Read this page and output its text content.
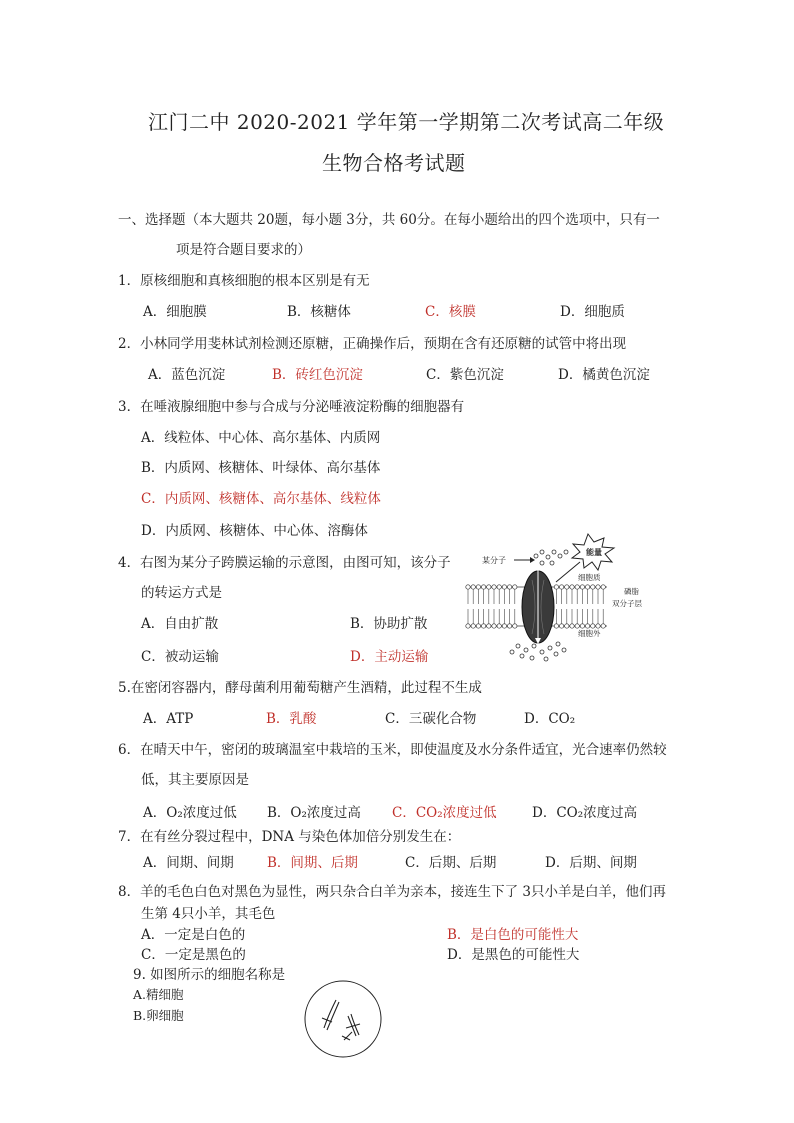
江门二中 2020-2021 学年第一学期第二次考试高二年级
生物合格考试题
一、选择题（本大题共 20题，每小题 3分，共 60分。在每小题给出的四个选项中，只有一
项是符合题目要求的）
1．原核细胞和真核细胞的根本区别是有无
A．细胞膜	B．核糖体	C．核膜	D．细胞质
2．小林同学用斐林试剂检测还原糖，正确操作后，预期在含有还原糖的试管中将出现
A．蓝色沉淀	B．砖红色沉淀	C．紫色沉淀	D．橘黄色沉淀
3．在唾液腺细胞中参与合成与分泌唾液淀粉酶的细胞器有
A．线粒体、中心体、高尔基体、内质网
B．内质网、核糖体、叶绿体、高尔基体
C．内质网、核糖体、高尔基体、线粒体
D．内质网、核糖体、中心体、溶酶体
4．右图为某分子跨膜运输的示意图，由图可知，该分子
的转运方式是
A．自由扩散	B．协助扩散
C．被动运输	D．主动运输
能量
某分子
细胞质
磷脂
双分子层
细胞外
5.在密闭容器内，酵母菌利用葡萄糖产生酒精，此过程不生成
A．ATP	B．乳酸	C．三碳化合物	D．CO₂
6．在晴天中午，密闭的玻璃温室中栽培的玉米，即使温度及水分条件适宜，光合速率仍然较
低，其主要原因是
A．O₂浓度过低 B．O₂浓度过高 C．CO₂浓度过低	D．CO₂浓度过高
7．在有丝分裂过程中，DNA 与染色体加倍分别发生在：
A．间期、间期 B．间期、后期	C．后期、后期	D．后期、间期
8．羊的毛色白色对黑色为显性，两只杂合白羊为亲本，接连生下了 3只小羊是白羊，他们再
生第 4只小羊，其毛色
A．一定是白色的	B．是白色的可能性大
C．一定是黑色的	D．是黑色的可能性大
9. 如图所示的细胞名称是
A.精细胞
B.卵细胞
